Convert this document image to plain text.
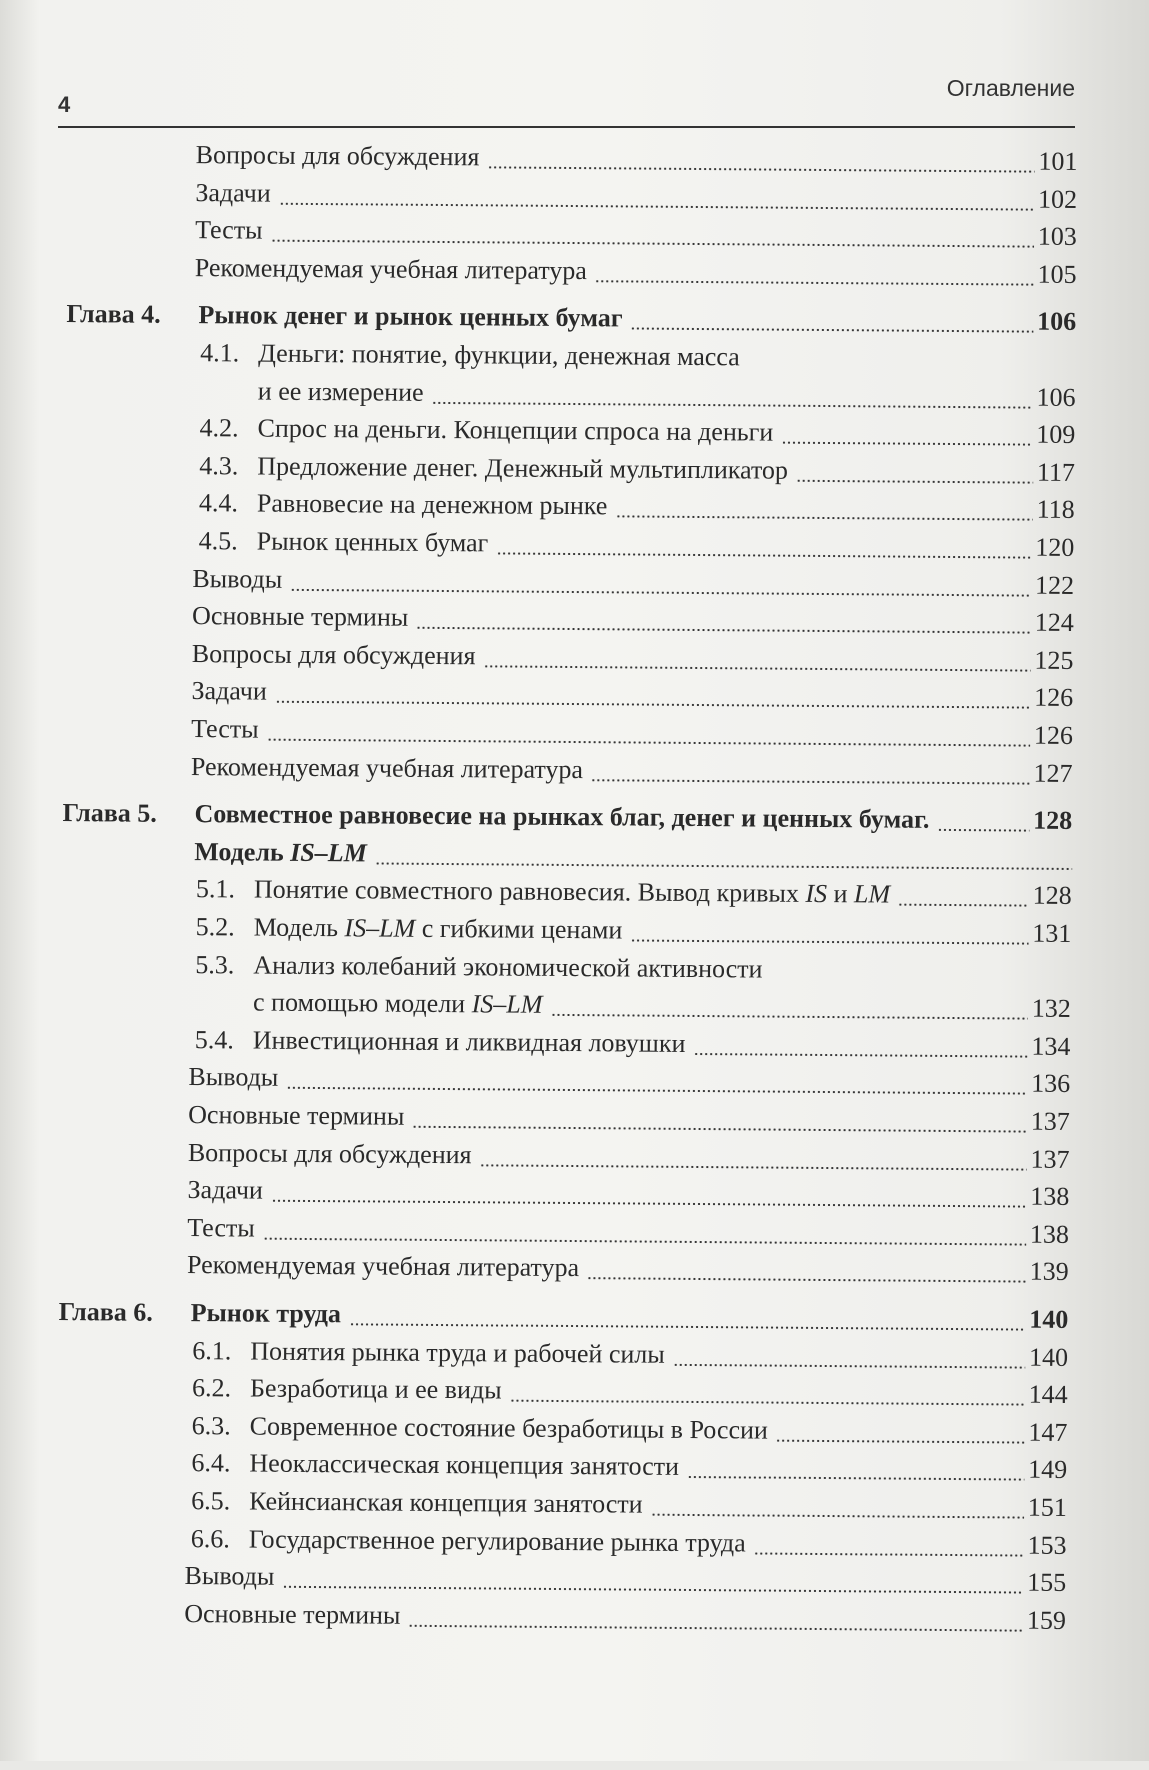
4
Оглавление
Вопросы для обсуждения	101
Задачи	102
Тесты	103
Рекомендуемая учебная литература	105
Глава 4. Рынок денег и рынок ценных бумаг	106
4.1. Деньги: понятие, функции, денежная масса
и ее измерение	106
4.2. Спрос на деньги. Концепции спроса на деньги	109
4.3. Предложение денег. Денежный мультипликатор	117
4.4. Равновесие на денежном рынке	118
4.5. Рынок ценных бумаг	120
Выводы	122
Основные термины	124
Вопросы для обсуждения	125
Задачи	126
Тесты	126
Рекомендуемая учебная литература	127
Глава 5. Совместное равновесие на рынках благ, денег и ценных бумаг.	128
Модель IS–LM
5.1. Понятие совместного равновесия. Вывод кривых IS и LM	128
5.2. Модель IS–LM с гибкими ценами	131
5.3. Анализ колебаний экономической активности
с помощью модели IS–LM	132
5.4. Инвестиционная и ликвидная ловушки	134
Выводы	136
Основные термины	137
Вопросы для обсуждения	137
Задачи	138
Тесты	138
Рекомендуемая учебная литература	139
Глава 6. Рынок труда	140
6.1. Понятия рынка труда и рабочей силы	140
6.2. Безработица и ее виды	144
6.3. Современное состояние безработицы в России	147
6.4. Неоклассическая концепция занятости	149
6.5. Кейнсианская концепция занятости	151
6.6. Государственное регулирование рынка труда	153
Выводы	155
Основные термины	159
